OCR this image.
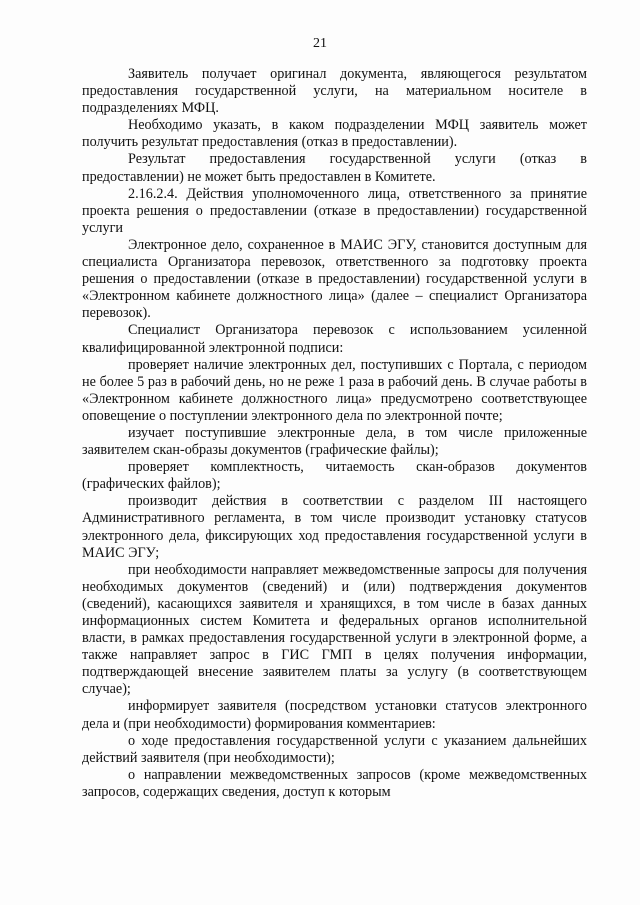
21

Заявитель получает оригинал документа, являющегося результатом предоставления государственной услуги, на материальном носителе в подразделениях МФЦ.

Необходимо указать, в каком подразделении МФЦ заявитель может получить результат предоставления (отказ в предоставлении).

Результат предоставления государственной услуги (отказ в предоставлении) не может быть предоставлен в Комитете.

2.16.2.4. Действия уполномоченного лица, ответственного за принятие проекта решения о предоставлении (отказе в предоставлении) государственной услуги

Электронное дело, сохраненное в МАИС ЭГУ, становится доступным для специалиста Организатора перевозок, ответственного за подготовку проекта решения о предоставлении (отказе в предоставлении) государственной услуги в «Электронном кабинете должностного лица» (далее – специалист Организатора перевозок).

Специалист Организатора перевозок с использованием усиленной квалифицированной электронной подписи:

проверяет наличие электронных дел, поступивших с Портала, с периодом не более 5 раз в рабочий день, но не реже 1 раза в рабочий день. В случае работы в «Электронном кабинете должностного лица» предусмотрено соответствующее оповещение о поступлении электронного дела по электронной почте;

изучает поступившие электронные дела, в том числе приложенные заявителем скан-образы документов (графические файлы);

проверяет комплектность, читаемость скан-образов документов (графических файлов);

производит действия в соответствии с разделом III настоящего Административного регламента, в том числе производит установку статусов электронного дела, фиксирующих ход предоставления государственной услуги в МАИС ЭГУ;

при необходимости направляет межведомственные запросы для получения необходимых документов (сведений) и (или) подтверждения документов (сведений), касающихся заявителя и хранящихся, в том числе в базах данных информационных систем Комитета и федеральных органов исполнительной власти, в рамках предоставления государственной услуги в электронной форме, а также направляет запрос в ГИС ГМП в целях получения информации, подтверждающей внесение заявителем платы за услугу (в соответствующем случае);

информирует заявителя (посредством установки статусов электронного дела и (при необходимости) формирования комментариев:

о ходе предоставления государственной услуги с указанием дальнейших действий заявителя (при необходимости);

о направлении межведомственных запросов (кроме межведомственных запросов, содержащих сведения, доступ к которым
